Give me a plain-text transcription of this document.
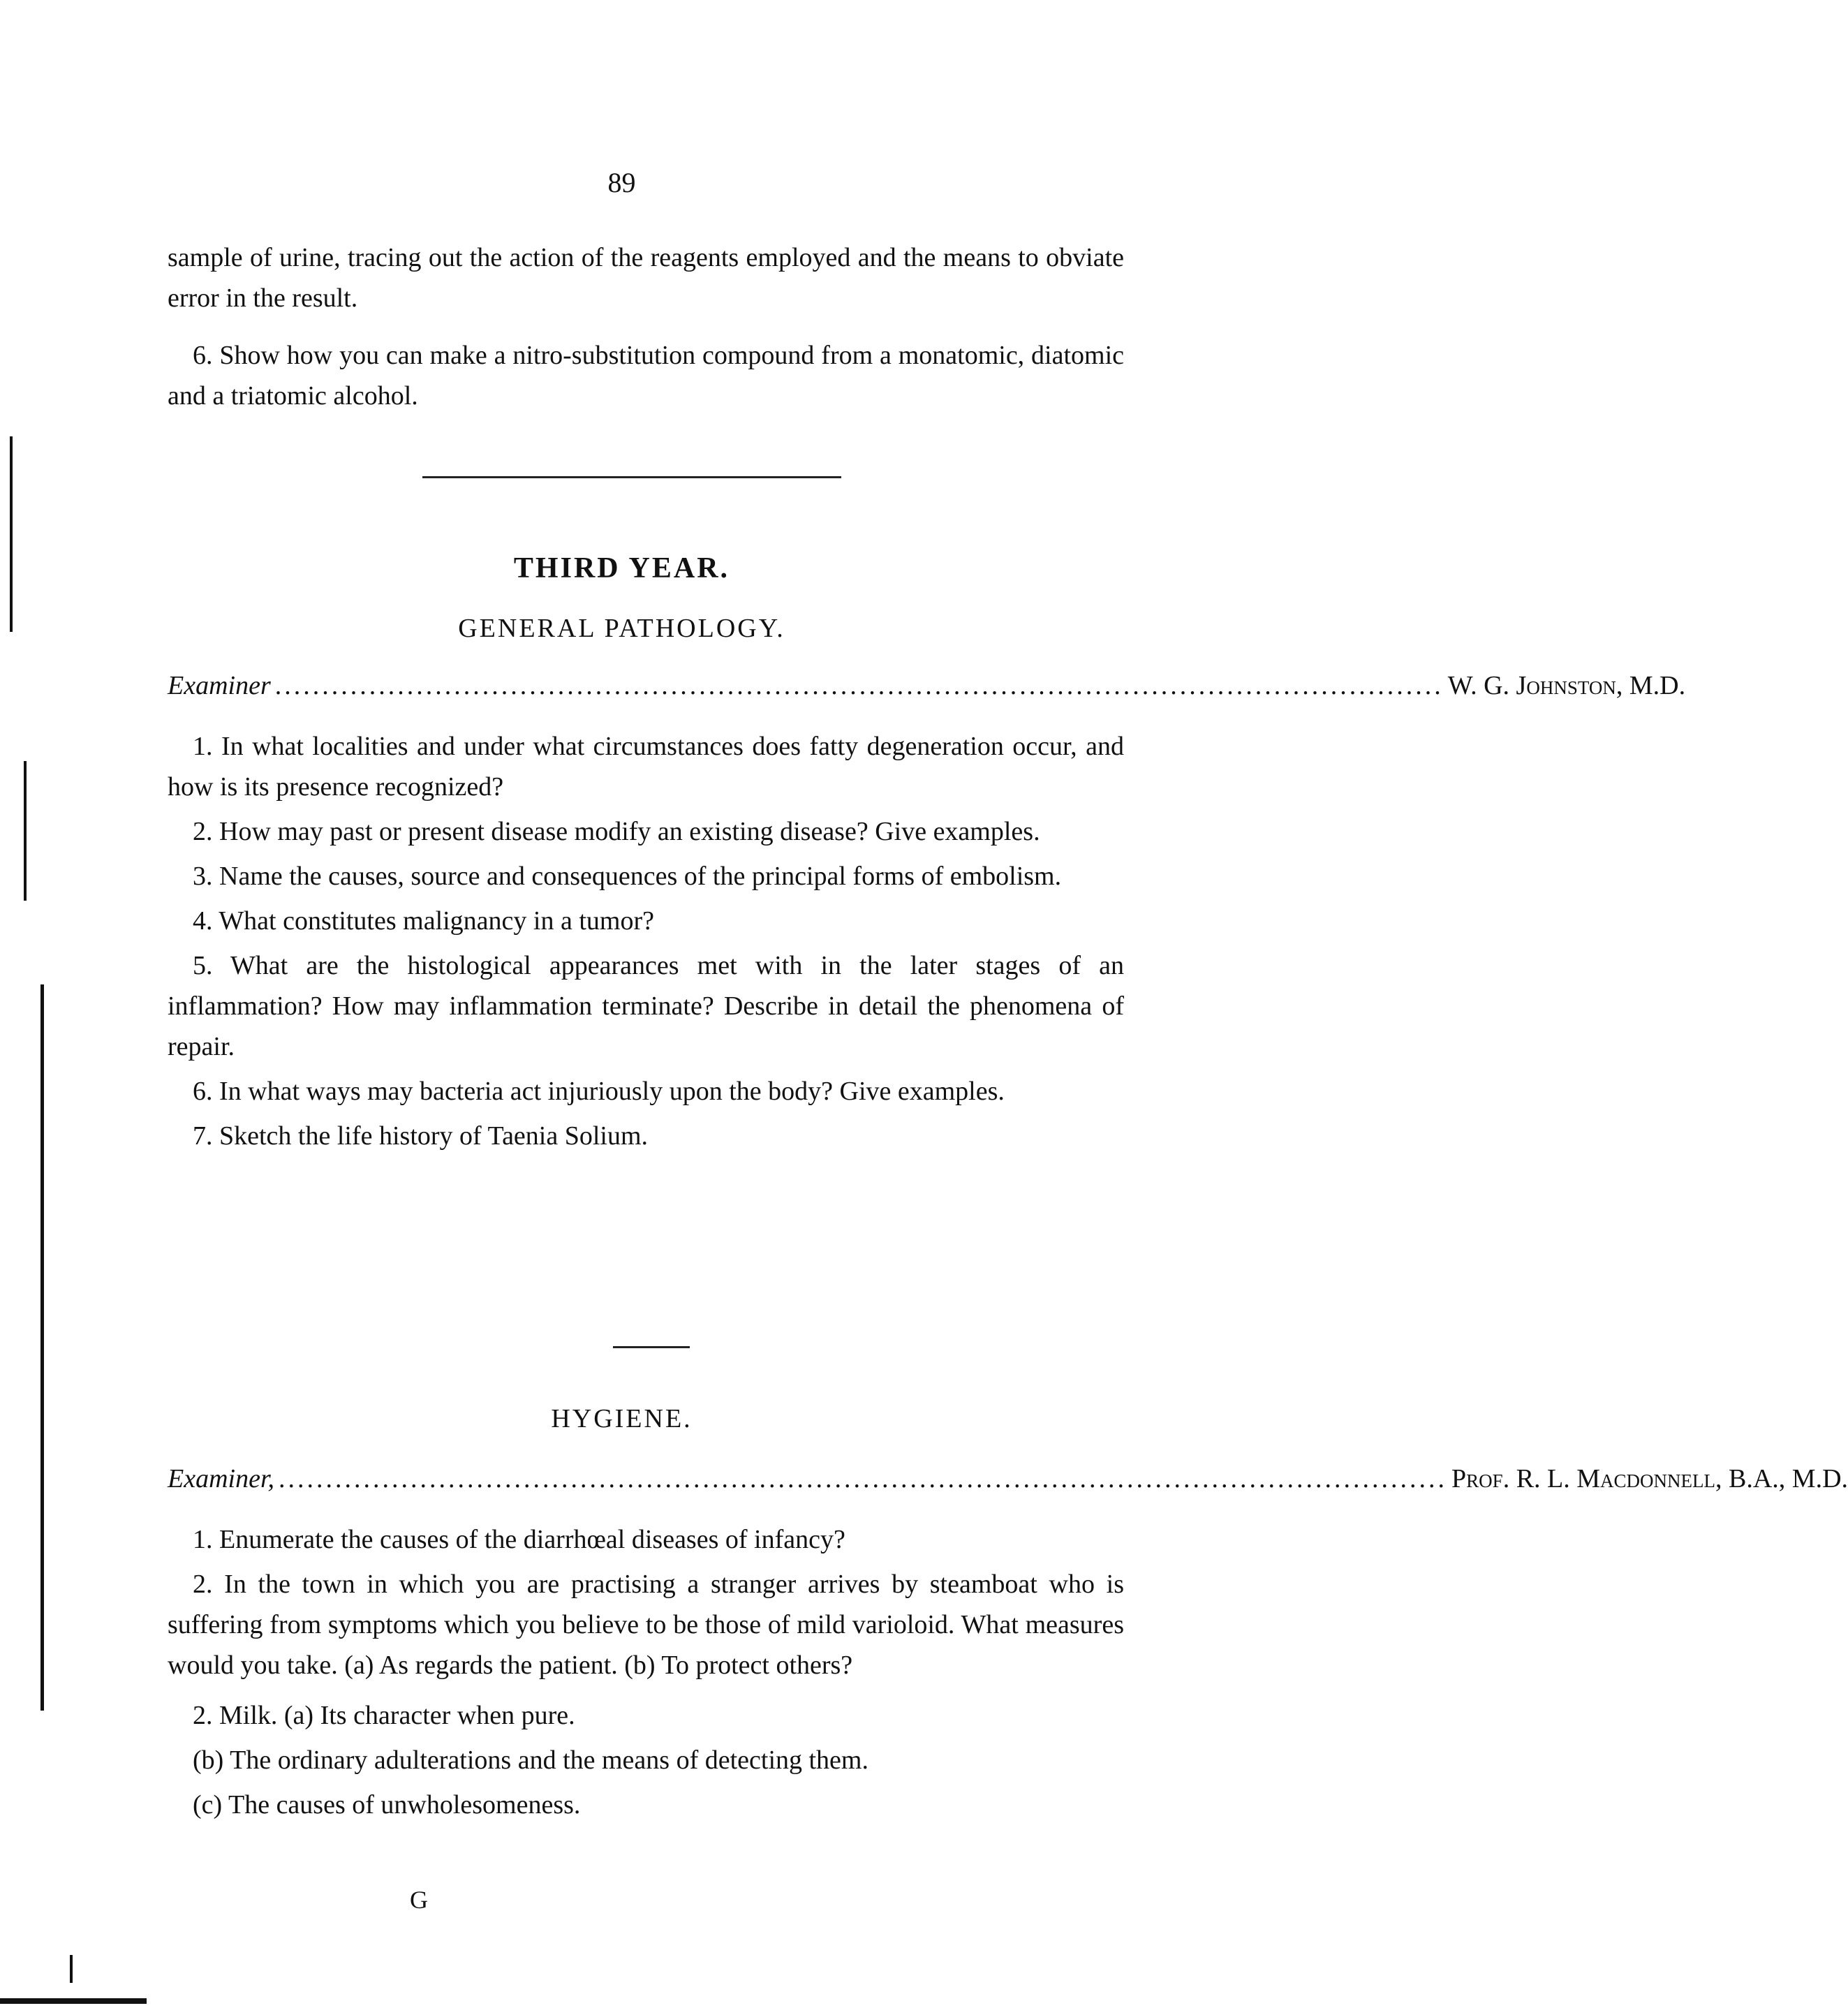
89

sample of urine, tracing out the action of the reagents employed and the means to obviate error in the result.

6. Show how you can make a nitro-substitution compound from a monatomic, diatomic and a triatomic alcohol.

THIRD YEAR.
GENERAL PATHOLOGY.
Examiner ............................................................................................................................ W. G. Johnston, M.D.

1. In what localities and under what circumstances does fatty degeneration occur, and how is its presence recognized?

2. How may past or present disease modify an existing disease? Give examples.

3. Name the causes, source and consequences of the principal forms of embolism.

4. What constitutes malignancy in a tumor?

5. What are the histological appearances met with in the later stages of an inflammation? How may inflammation terminate? Describe in detail the phenomena of repair.

6. In what ways may bacteria act injuriously upon the body? Give examples.

7. Sketch the life history of Taenia Solium.

HYGIENE.
Examiner, ............................................................................................................................ Prof. R. L. Macdonnell, B.A., M.D.

1. Enumerate the causes of the diarrhœal diseases of infancy?

2. In the town in which you are practising a stranger arrives by steamboat who is suffering from symptoms which you believe to be those of mild varioloid. What measures would you take. (a) As regards the patient. (b) To protect others?

2. Milk. (a) Its character when pure.

(b) The ordinary adulterations and the means of detecting them.

(c) The causes of unwholesomeness.

G
